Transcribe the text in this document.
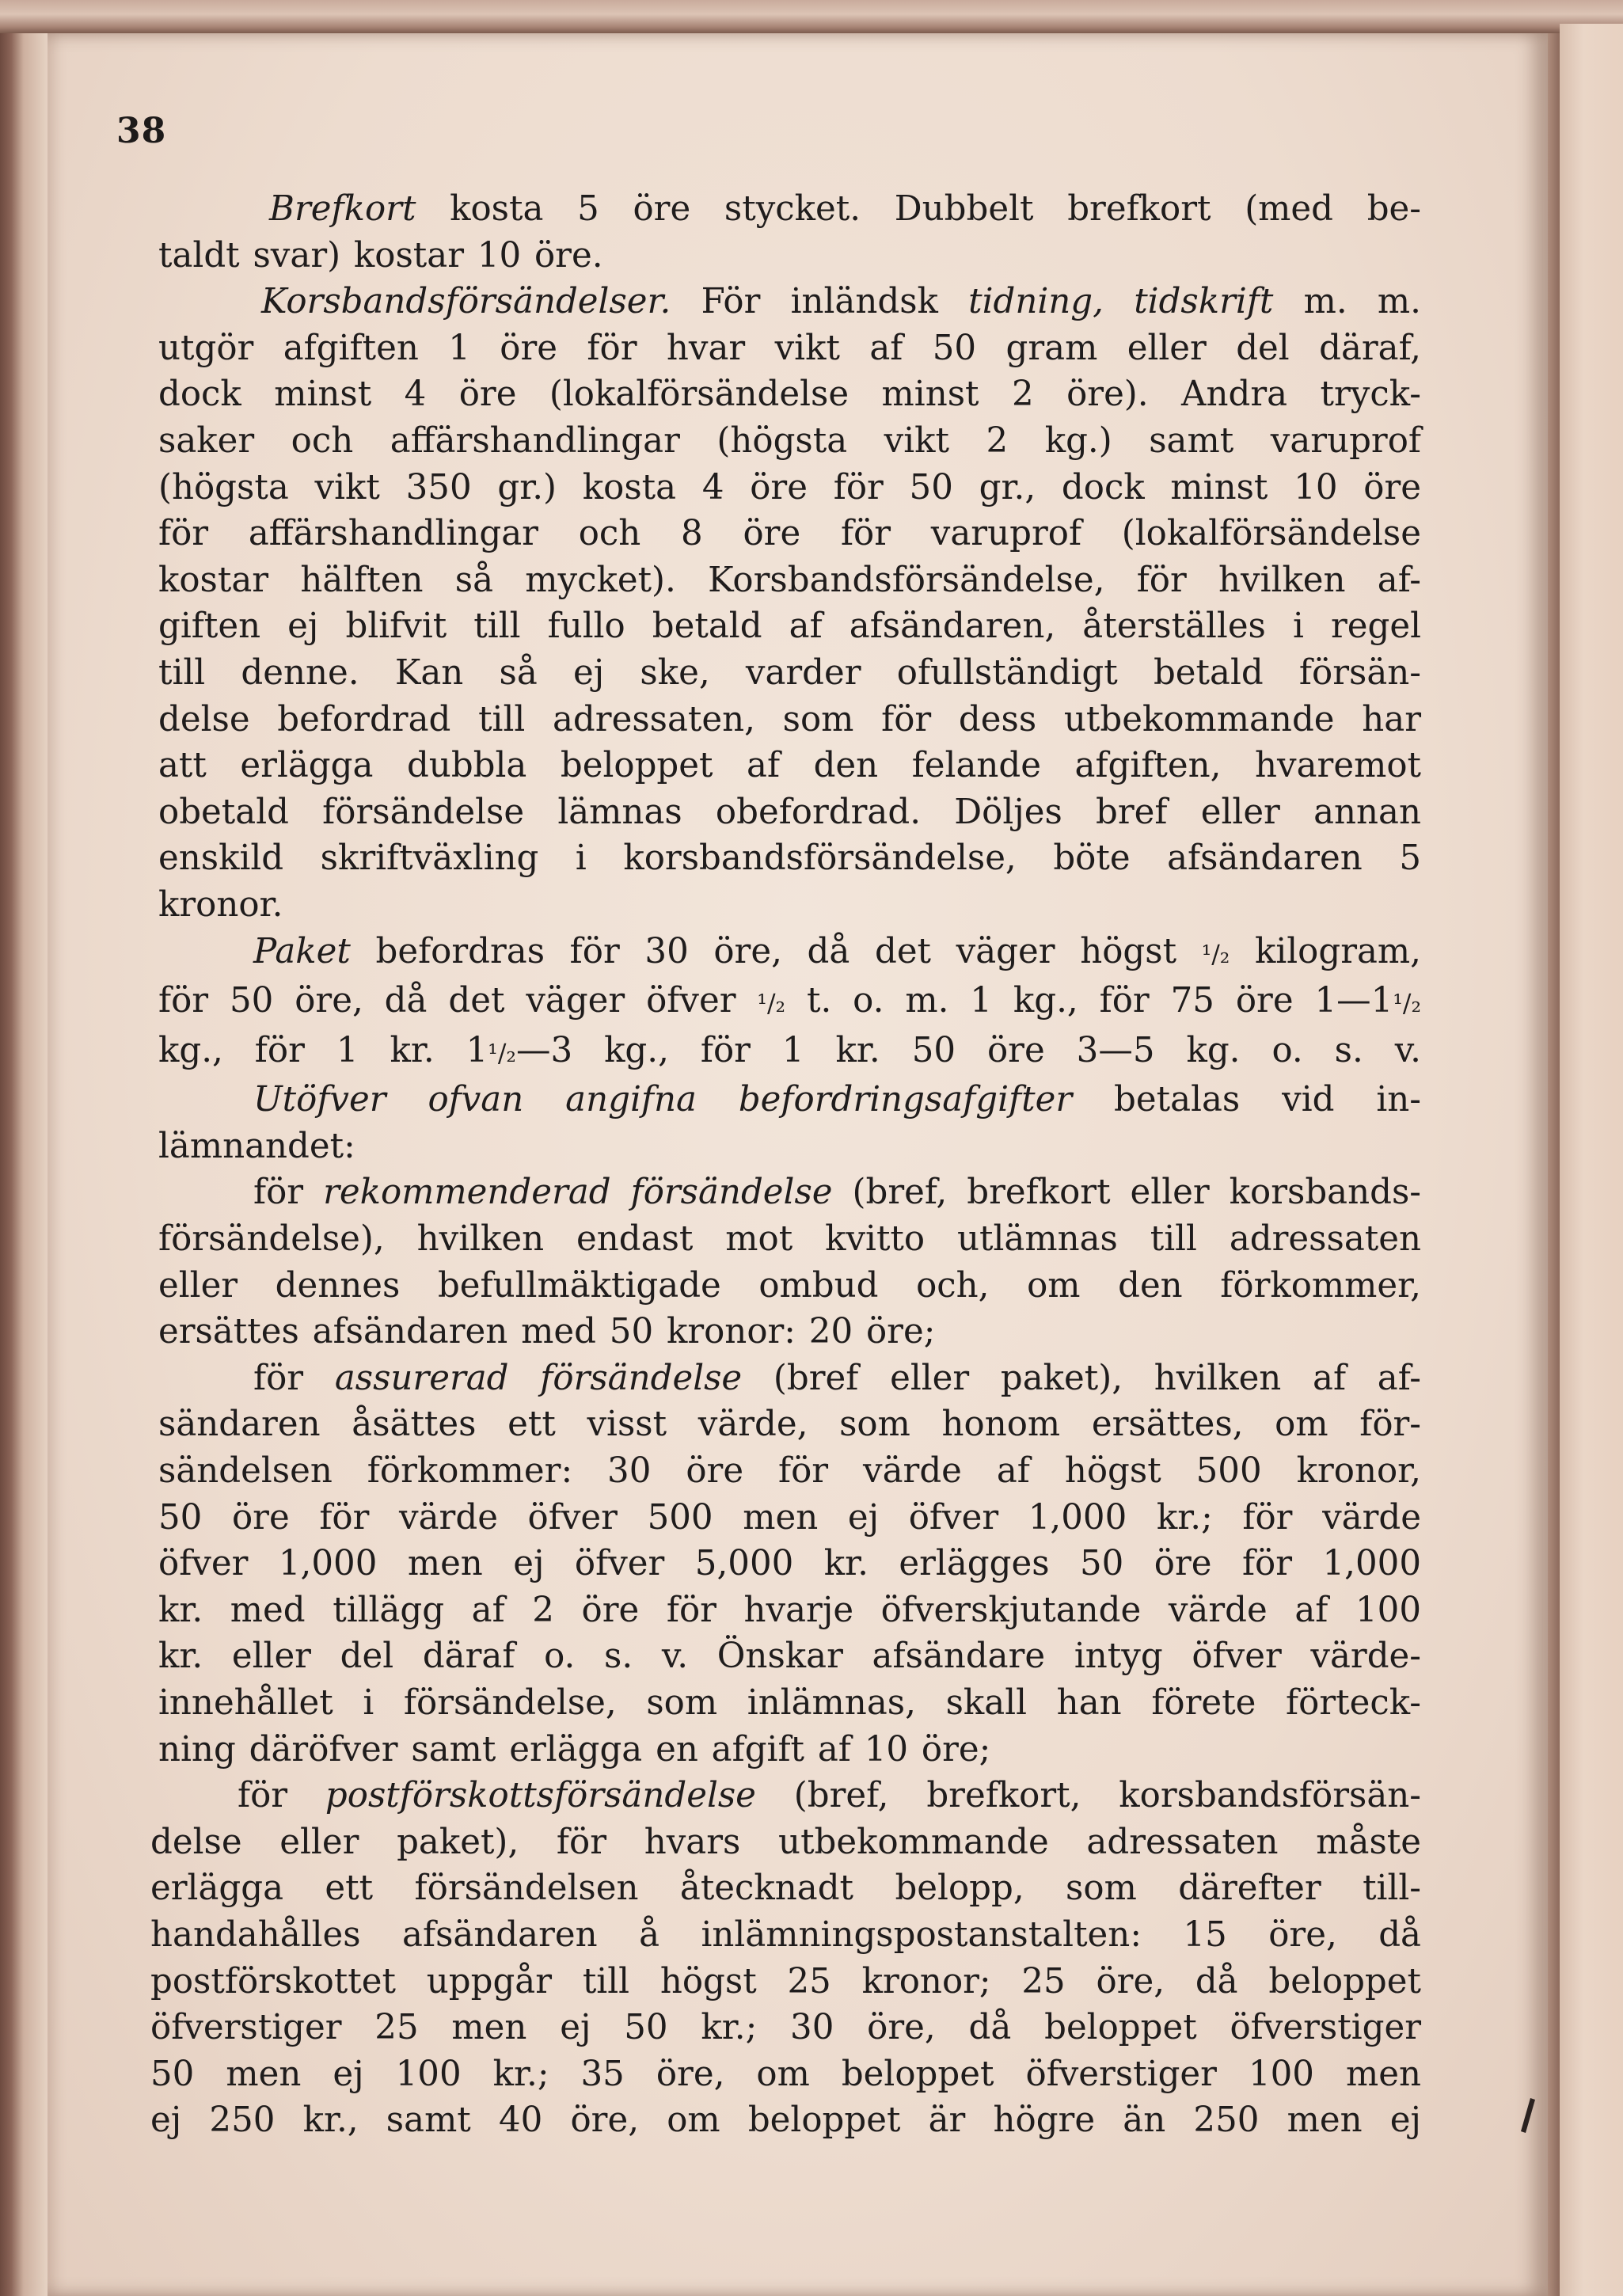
38
Brefkort kosta 5 öre stycket. Dubbelt brefkort (med be-
taldt svar) kostar 10 öre.
Korsbandsförsändelser. För inländsk tidning, tidskrift m. m.
utgör afgiften 1 öre för hvar vikt af 50 gram eller del däraf,
dock minst 4 öre (lokalförsändelse minst 2 öre). Andra tryck-
saker och affärshandlingar (högsta vikt 2 kg.) samt varuprof
(högsta vikt 350 gr.) kosta 4 öre för 50 gr., dock minst 10 öre
för affärshandlingar och 8 öre för varuprof (lokalförsändelse
kostar hälften så mycket). Korsbandsförsändelse, för hvilken af-
giften ej blifvit till fullo betald af afsändaren, återställes i regel
till denne. Kan så ej ske, varder ofullständigt betald försän-
delse befordrad till adressaten, som för dess utbekommande har
att erlägga dubbla beloppet af den felande afgiften, hvaremot
obetald försändelse lämnas obefordrad. Döljes bref eller annan
enskild skriftväxling i korsbandsförsändelse, böte afsändaren 5
kronor.
Paket befordras för 30 öre, då det väger högst ¹/₂ kilogram,
för 50 öre, då det väger öfver ¹/₂ t. o. m. 1 kg., för 75 öre 1—1¹/₂
kg., för 1 kr. 1¹/₂—3 kg., för 1 kr. 50 öre 3—5 kg. o. s. v.
Utöfver ofvan angifna befordringsafgifter betalas vid in-
lämnandet:
för rekommenderad försändelse (bref, brefkort eller korsbands-
försändelse), hvilken endast mot kvitto utlämnas till adressaten
eller dennes befullmäktigade ombud och, om den förkommer,
ersättes afsändaren med 50 kronor: 20 öre;
för assurerad försändelse (bref eller paket), hvilken af af-
sändaren åsättes ett visst värde, som honom ersättes, om för-
sändelsen förkommer: 30 öre för värde af högst 500 kronor,
50 öre för värde öfver 500 men ej öfver 1,000 kr.; för värde
öfver 1,000 men ej öfver 5,000 kr. erlägges 50 öre för 1,000
kr. med tillägg af 2 öre för hvarje öfverskjutande värde af 100
kr. eller del däraf o. s. v. Önskar afsändare intyg öfver värde-
innehållet i försändelse, som inlämnas, skall han förete förteck-
ning däröfver samt erlägga en afgift af 10 öre;
för postförskottsförsändelse (bref, brefkort, korsbandsförsän-
delse eller paket), för hvars utbekommande adressaten måste
erlägga ett försändelsen åtecknadt belopp, som därefter till-
handahålles afsändaren å inlämningspostanstalten: 15 öre, då
postförskottet uppgår till högst 25 kronor; 25 öre, då beloppet
öfverstiger 25 men ej 50 kr.; 30 öre, då beloppet öfverstiger
50 men ej 100 kr.; 35 öre, om beloppet öfverstiger 100 men
ej 250 kr., samt 40 öre, om beloppet är högre än 250 men ej
